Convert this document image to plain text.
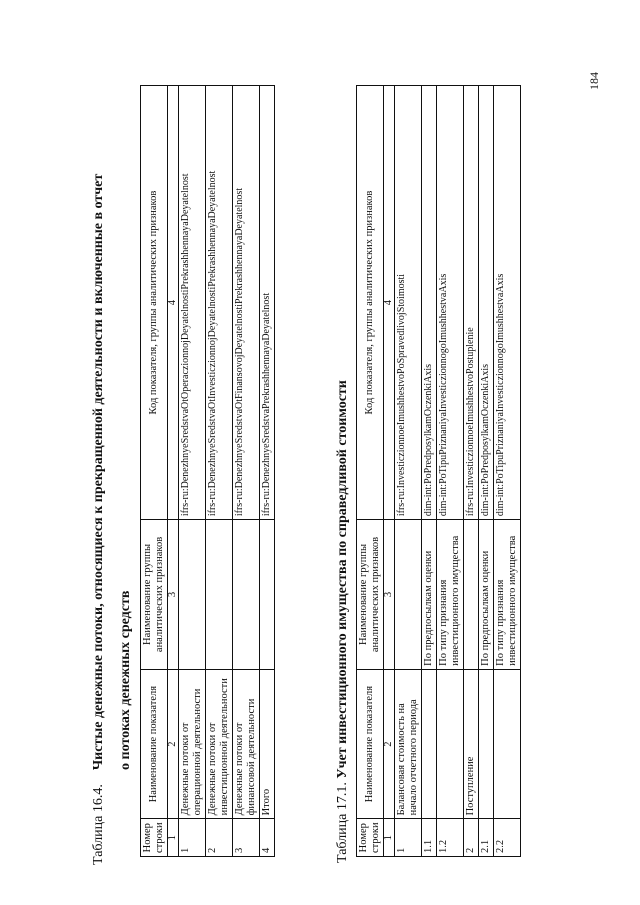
184
Таблица 16.4.    Чистые денежные потоки, относящиеся к прекращенной деятельности и включенные в отчет о потоках денежных средств
Номер строки	Наименование показателя	Наименование группы аналитических признаков	Код показателя, группы аналитических признаков
1	2	3	4
1	Денежные потоки от операционной деятельности		ifrs-ru:DenezhnyeSredstvaOtOperaczionnojDeyatelnostiPrekrashhennayaDeyatelnost
2	Денежные потоки от инвестиционной деятельности		ifrs-ru:DenezhnyeSredstvaOtInvesticzionnojDeyatelnostiPrekrashhennayaDeyatelnost
3	Денежные потоки от финансовой деятельности		ifrs-ru:DenezhnyeSredstvaOtFinansovojDeyatelnostiPrekrashhennayaDeyatelnost
4	Итого		ifrs-ru:DenezhnyeSredstvaPrekrashhennayaDeyatelnost
Таблица 17.1. Учет инвестиционного имущества по справедливой стоимости
Номер строки	Наименование показателя	Наименование группы аналитических признаков	Код показателя, группы аналитических признаков
1	2	3	4
1	Балансовая стоимость на начало отчетного периода		ifrs-ru:InvesticzionnoeImushhestvoPoSpravedlivojStoimosti
1.1		По предпосылкам оценки	dim-int:PoPredposylkamOczenkiAxis
1.2		По типу признания инвестиционного имущества	dim-int:PoTipuPriznaniyaInvesticzionnogoImushhestvaAxis
2	Поступление		ifrs-ru:InvesticzionnoeImushhestvoPostuplenie
2.1		По предпосылкам оценки	dim-int:PoPredposylkamOczenkiAxis
2.2		По типу признания инвестиционного имущества	dim-int:PoTipuPriznaniyaInvesticzionnogoImushhestvaAxis
